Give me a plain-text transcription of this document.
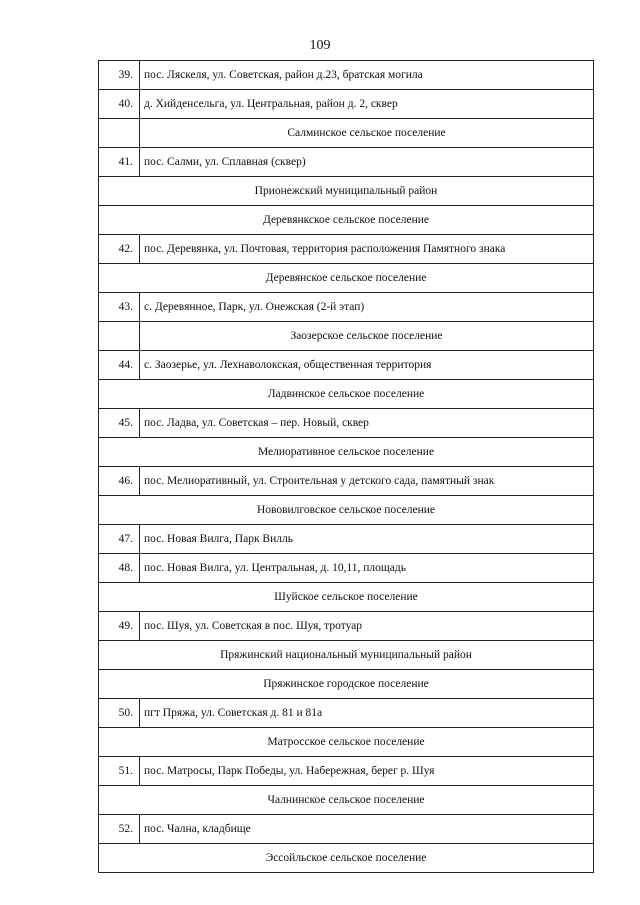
109
39.	пос. Ляскеля, ул. Советская, район д.23, братская могила
40.	д. Хийденсельга, ул. Центральная, район д. 2, сквер
	Салминское сельское поселение
41.	пос. Салми, ул. Сплавная (сквер)
Прионежский муниципальный район	
Деревянкское сельское поселение	
42.	пос. Деревянка, ул. Почтовая, территория расположения Памятного знака
Деревянское сельское поселение	
43.	с. Деревянное, Парк, ул. Онежская (2-й этап)
	Заозерское сельское поселение
44.	с. Заозерье, ул. Лехнаволокская, общественная территория
Ладвинское сельское поселение	
45.	пос. Ладва, ул. Советская – пер. Новый, сквер
Мелиоративное сельское поселение	
46.	пос. Мелиоративный, ул. Строительная у детского сада, памятный знак
Нововилговское сельское поселение	
47.	пос. Новая Вилга, Парк Вилль
48.	пос. Новая Вилга, ул. Центральная, д. 10,11, площадь
Шуйское сельское поселение	
49.	пос. Шуя, ул. Советская в пос. Шуя, тротуар
Пряжинский национальный муниципальный район	
Пряжинское городское поселение	
50.	пгт Пряжа, ул. Советская д. 81 и 81а
Матросское сельское поселение	
51.	пос. Матросы, Парк Победы, ул. Набережная, берег р. Шуя
Чалнинское сельское поселение	
52.	пос. Чална, кладбище
Эссойльское сельское поселение	
